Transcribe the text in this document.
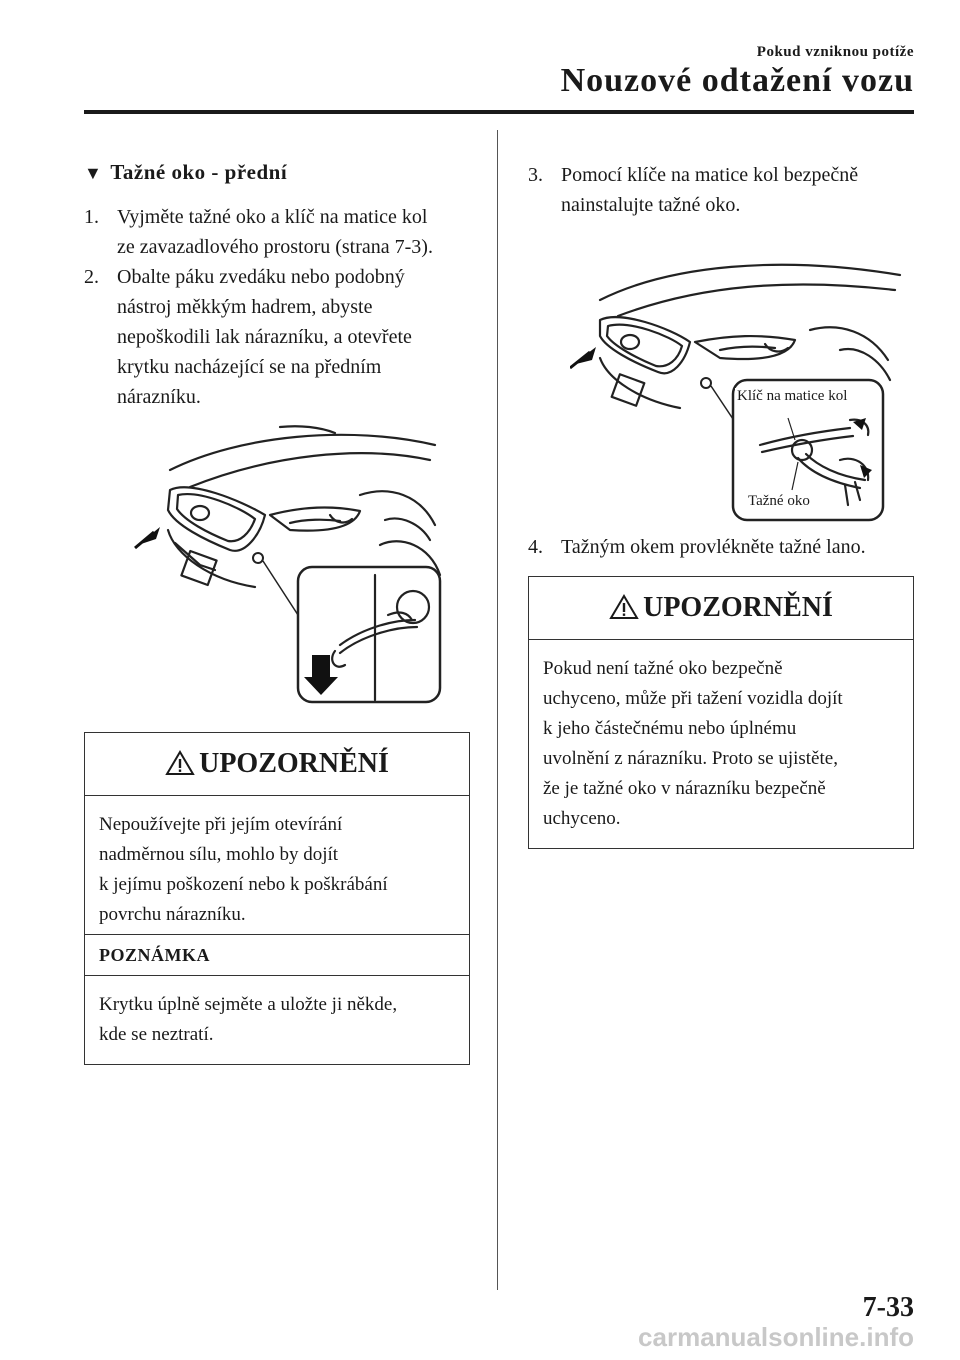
Pokud vzniknou potíže
Nouzové odtažení vozu
▼ Tažné oko - přední
1. Vyjměte tažné oko a klíč na matice kol
ze zavazadlového prostoru (strana 7-3).
2. Obalte páku zvedáku nebo podobný
nástroj měkkým hadrem, abyste
nepoškodili lak nárazníku, a otevřete
krytku nacházející se na předním
nárazníku.
UPOZORNĚNÍ
Nepoužívejte při jejím otevírání
nadměrnou sílu, mohlo by dojít
k jejímu poškození nebo k poškrábání
povrchu nárazníku.
POZNÁMKA
Krytku úplně sejměte a uložte ji někde,
kde se neztratí.
3. Pomocí klíče na matice kol bezpečně
nainstalujte tažné oko.
Klíč na matice kol
Tažné oko
4. Tažným okem provlékněte tažné lano.
UPOZORNĚNÍ
Pokud není tažné oko bezpečně
uchyceno, může při tažení vozidla dojít
k jeho částečnému nebo úplnému
uvolnění z nárazníku. Proto se ujistěte,
že je tažné oko v nárazníku bezpečně
uchyceno.
7-33
carmanualsonline.info
